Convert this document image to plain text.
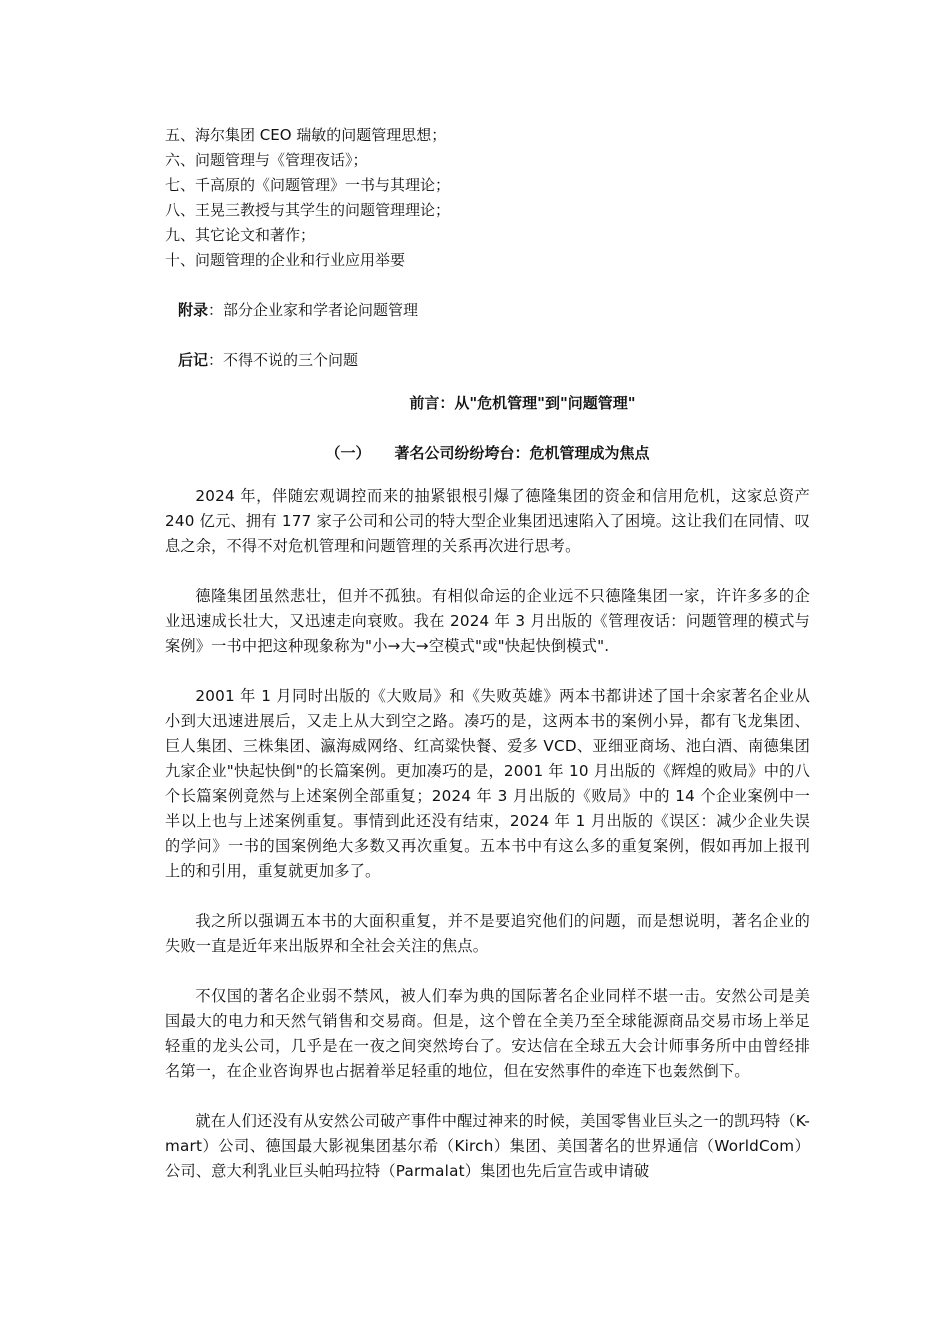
五、海尔集团 CEO 瑞敏的问题管理思想；
六、问题管理与《管理夜话》；
七、千高原的《问题管理》一书与其理论；
八、王晃三教授与其学生的问题管理理论；
九、其它论文和著作；
十、问题管理的企业和行业应用举要
附录：部分企业家和学者论问题管理
后记：不得不说的三个问题
前言：从"危机管理"到"问题管理"
（一） 著名公司纷纷垮台：危机管理成为焦点

2024 年，伴随宏观调控而来的抽紧银根引爆了德隆集团的资金和信用危机，这家总资产 240 亿元、拥有 177 家子公司和公司的特大型企业集团迅速陷入了困境。这让我们在同情、叹息之余，不得不对危机管理和问题管理的关系再次进行思考。

德隆集团虽然悲壮，但并不孤独。有相似命运的企业远不只德隆集团一家，许许多多的企业迅速成长壮大，又迅速走向衰败。我在 2024 年 3 月出版的《管理夜话：问题管理的模式与案例》一书中把这种现象称为"小→大→空模式"或"快起快倒模式".

2001 年 1 月同时出版的《大败局》和《失败英雄》两本书都讲述了国十余家著名企业从小到大迅速进展后，又走上从大到空之路。凑巧的是，这两本书的案例小异，都有飞龙集团、巨人集团、三株集团、瀛海威网络、红高粱快餐、爱多 VCD、亚细亚商场、池白酒、南德集团九家企业"快起快倒"的长篇案例。更加凑巧的是，2001 年 10 月出版的《辉煌的败局》中的八个长篇案例竟然与上述案例全部重复；2024 年 3 月出版的《败局》中的 14 个企业案例中一半以上也与上述案例重复。事情到此还没有结束，2024 年 1 月出版的《误区：减少企业失误的学问》一书的国案例绝大多数又再次重复。五本书中有这么多的重复案例，假如再加上报刊上的和引用，重复就更加多了。

我之所以强调五本书的大面积重复，并不是要追究他们的问题，而是想说明，著名企业的失败一直是近年来出版界和全社会关注的焦点。

不仅国的著名企业弱不禁风，被人们奉为典的国际著名企业同样不堪一击。安然公司是美国最大的电力和天然气销售和交易商。但是，这个曾在全美乃至全球能源商品交易市场上举足轻重的龙头公司，几乎是在一夜之间突然垮台了。安达信在全球五大会计师事务所中由曾经排名第一，在企业咨询界也占据着举足轻重的地位，但在安然事件的牵连下也轰然倒下。

就在人们还没有从安然公司破产事件中醒过神来的时候，美国零售业巨头之一的凯玛特（K-mart）公司、德国最大影视集团基尔希（Kirch）集团、美国著名的世界通信（WorldCom）公司、意大利乳业巨头帕玛拉特（Parmalat）集团也先后宣告或申请破
